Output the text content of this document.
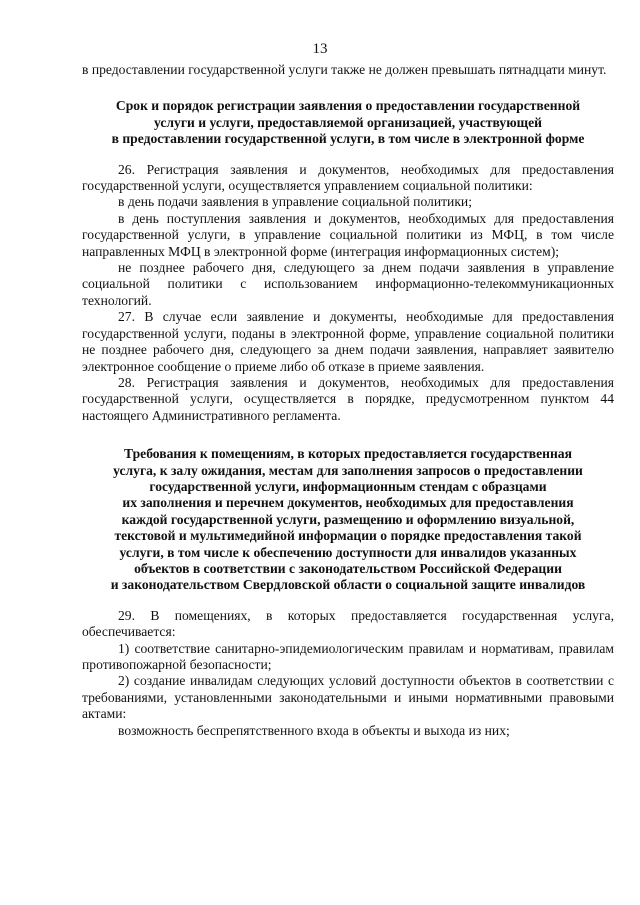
13

в предоставлении государственной услуги также не должен превышать пятнадцати минут.

Срок и порядок регистрации заявления о предоставлении государственной
услуги и услуги, предоставляемой организацией, участвующей
в предоставлении государственной услуги, в том числе в электронной форме

26. Регистрация заявления и документов, необходимых для предоставления государственной услуги, осуществляется управлением социальной политики:

в день подачи заявления в управление социальной политики;

в день поступления заявления и документов, необходимых для предоставления государственной услуги, в управление социальной политики из МФЦ, в том числе направленных МФЦ в электронной форме (интеграция информационных систем);

не позднее рабочего дня, следующего за днем подачи заявления в управление социальной политики с использованием информационно-телекоммуникационных технологий.

27. В случае если заявление и документы, необходимые для предоставления государственной услуги, поданы в электронной форме, управление социальной политики не позднее рабочего дня, следующего за днем подачи заявления, направляет заявителю электронное сообщение о приеме либо об отказе в приеме заявления.

28. Регистрация заявления и документов, необходимых для предоставления государственной услуги, осуществляется в порядке, предусмотренном пунктом 44 настоящего Административного регламента.

Требования к помещениям, в которых предоставляется государственная
услуга, к залу ожидания, местам для заполнения запросов о предоставлении
государственной услуги, информационным стендам с образцами
их заполнения и перечнем документов, необходимых для предоставления
каждой государственной услуги, размещению и оформлению визуальной,
текстовой и мультимедийной информации о порядке предоставления такой
услуги, в том числе к обеспечению доступности для инвалидов указанных
объектов в соответствии с законодательством Российской Федерации
и законодательством Свердловской области о социальной защите инвалидов

29. В помещениях, в которых предоставляется государственная услуга, обеспечивается:

1) соответствие санитарно-эпидемиологическим правилам и нормативам, правилам противопожарной безопасности;

2) создание инвалидам следующих условий доступности объектов в соответствии с требованиями, установленными законодательными и иными нормативными правовыми актами:

возможность беспрепятственного входа в объекты и выхода из них;
